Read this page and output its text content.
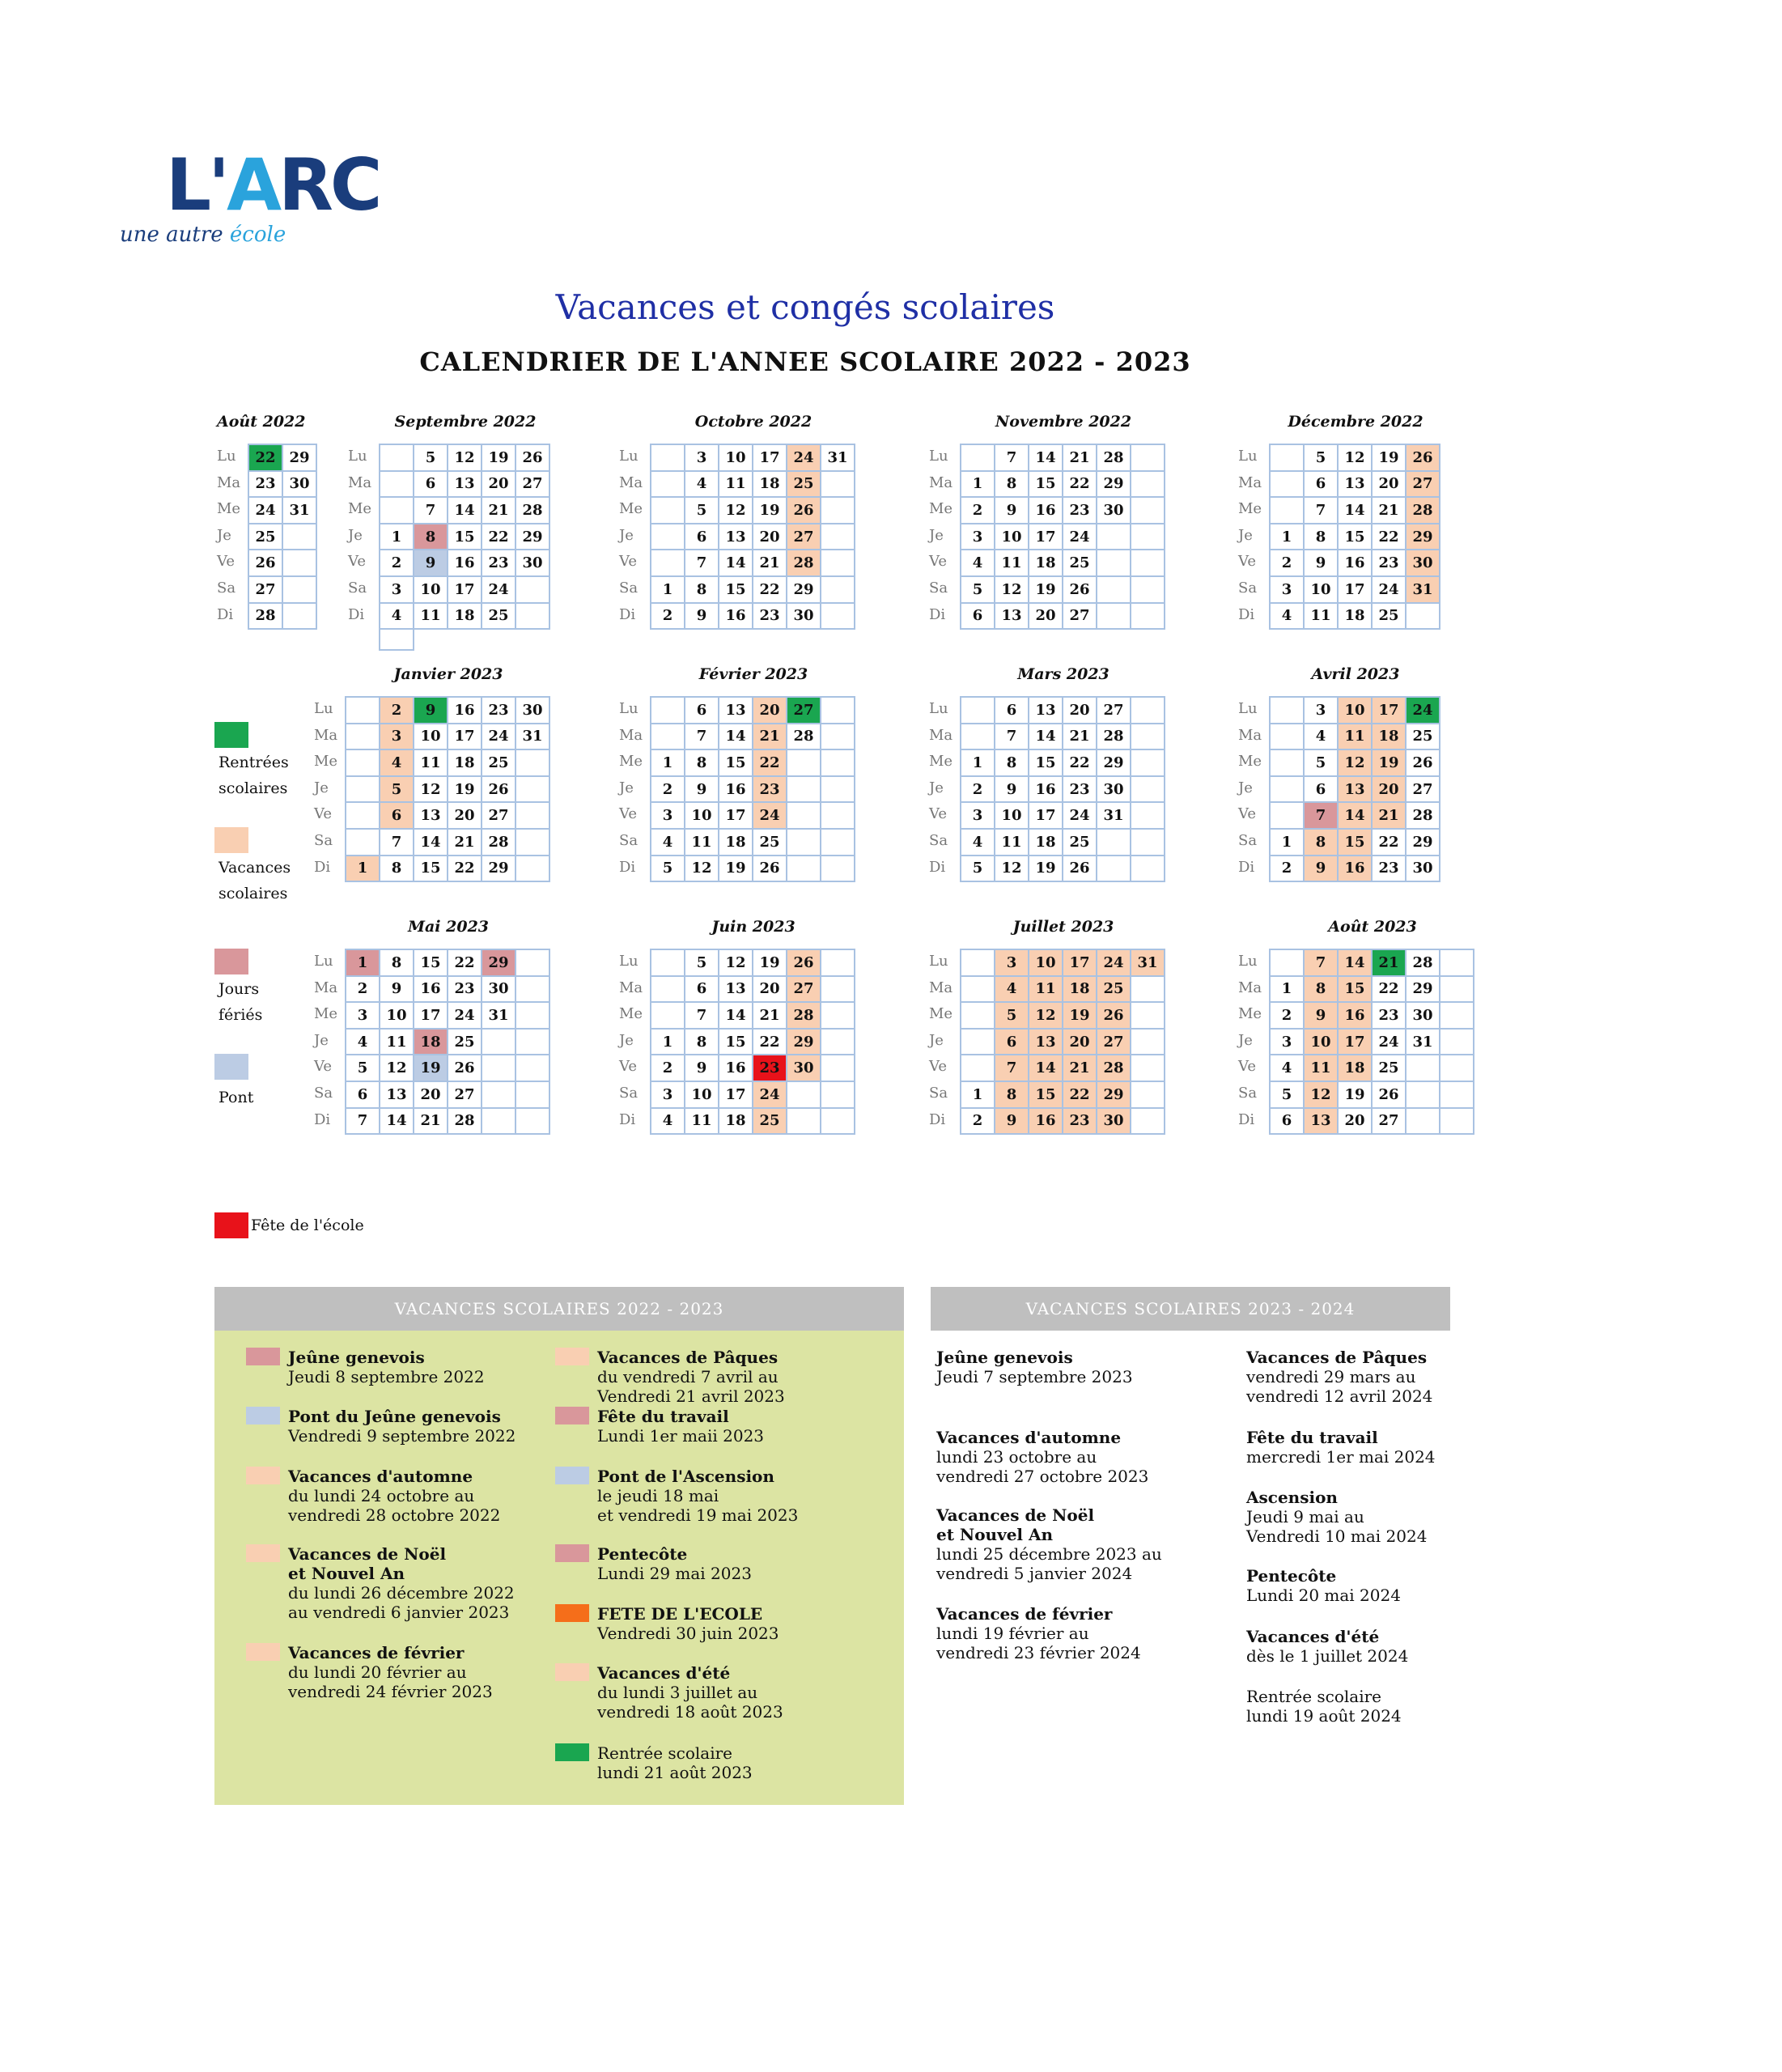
L'ARC
une autre école
Vacances et congés scolaires
CALENDRIER DE L'ANNEE SCOLAIRE 2022 - 2023
Août 2022
Lu
Ma
Me
Je
Ve
Sa
Di
22	29
23	30
24	31
25	
26	
27	
28	
Septembre 2022
Lu
Ma
Me
Je
Ve
Sa
Di
	5	12	19	26
	6	13	20	27
	7	14	21	28
1	8	15	22	29
2	9	16	23	30
3	10	17	24	
4	11	18	25	

Octobre 2022
Lu
Ma
Me
Je
Ve
Sa
Di
	3	10	17	24	31
	4	11	18	25	
	5	12	19	26	
	6	13	20	27	
	7	14	21	28	
1	8	15	22	29	
2	9	16	23	30	
Novembre 2022
Lu
Ma
Me
Je
Ve
Sa
Di
	7	14	21	28	
1	8	15	22	29	
2	9	16	23	30	
3	10	17	24		
4	11	18	25		
5	12	19	26		
6	13	20	27		
Décembre 2022
Lu
Ma
Me
Je
Ve
Sa
Di
	5	12	19	26
	6	13	20	27
	7	14	21	28
1	8	15	22	29
2	9	16	23	30
3	10	17	24	31
4	11	18	25	
Janvier 2023
Lu
Ma
Me
Je
Ve
Sa
Di
	2	9	16	23	30
	3	10	17	24	31
	4	11	18	25	
	5	12	19	26	
	6	13	20	27	
	7	14	21	28	
1	8	15	22	29	
Février 2023
Lu
Ma
Me
Je
Ve
Sa
Di
	6	13	20	27	
	7	14	21	28	
1	8	15	22		
2	9	16	23		
3	10	17	24		
4	11	18	25		
5	12	19	26		
Mars 2023
Lu
Ma
Me
Je
Ve
Sa
Di
	6	13	20	27	
	7	14	21	28	
1	8	15	22	29	
2	9	16	23	30	
3	10	17	24	31	
4	11	18	25		
5	12	19	26		
Avril 2023
Lu
Ma
Me
Je
Ve
Sa
Di
	3	10	17	24
	4	11	18	25
	5	12	19	26
	6	13	20	27
	7	14	21	28
1	8	15	22	29
2	9	16	23	30
Mai 2023
Lu
Ma
Me
Je
Ve
Sa
Di
1	8	15	22	29	
2	9	16	23	30	
3	10	17	24	31	
4	11	18	25		
5	12	19	26		
6	13	20	27		
7	14	21	28		
Juin 2023
Lu
Ma
Me
Je
Ve
Sa
Di
	5	12	19	26	
	6	13	20	27	
	7	14	21	28	
1	8	15	22	29	
2	9	16	23	30	
3	10	17	24		
4	11	18	25		
Juillet 2023
Lu
Ma
Me
Je
Ve
Sa
Di
	3	10	17	24	31
	4	11	18	25	
	5	12	19	26	
	6	13	20	27	
	7	14	21	28	
1	8	15	22	29	
2	9	16	23	30	
Août 2023
Lu
Ma
Me
Je
Ve
Sa
Di
	7	14	21	28	
1	8	15	22	29	
2	9	16	23	30	
3	10	17	24	31	
4	11	18	25		
5	12	19	26		
6	13	20	27		
Rentrées
scolaires
Vacances
scolaires
Jours
fériés
Pont
Fête de l'école
VACANCES SCOLAIRES 2022 - 2023
Jeûne genevois
Jeudi 8 septembre 2022
Pont du Jeûne genevois
Vendredi 9 septembre 2022
Vacances d'automne
du lundi 24 octobre au
vendredi 28 octobre 2022
Vacances de Noël
et Nouvel An
du lundi 26 décembre 2022
au vendredi 6 janvier 2023
Vacances de février
du lundi 20 février au
vendredi 24 février 2023
Vacances de Pâques
du vendredi 7 avril au
Vendredi 21 avril 2023
Fête du travail
Lundi 1er maii 2023
Pont de l'Ascension
le jeudi 18 mai
et vendredi 19 mai 2023
Pentecôte
Lundi 29 mai 2023
FETE DE L'ECOLE
Vendredi 30 juin 2023
Vacances d'été
du lundi 3 juillet au
vendredi 18 août 2023
Rentrée scolaire
lundi 21 août 2023
VACANCES SCOLAIRES 2023 - 2024
Jeûne genevois
Jeudi 7 septembre 2023
Vacances d'automne
lundi 23 octobre au
vendredi 27 octobre 2023
Vacances de Noël
et Nouvel An
lundi 25 décembre 2023 au
vendredi 5 janvier 2024
Vacances de février
lundi 19 février au
vendredi 23 février 2024
Vacances de Pâques
vendredi 29 mars au
vendredi 12 avril 2024
Fête du travail
mercredi 1er mai 2024
Ascension
Jeudi 9 mai au
Vendredi 10 mai 2024
Pentecôte
Lundi 20 mai 2024
Vacances d'été
dès le 1 juillet 2024
Rentrée scolaire
lundi 19 août 2024
